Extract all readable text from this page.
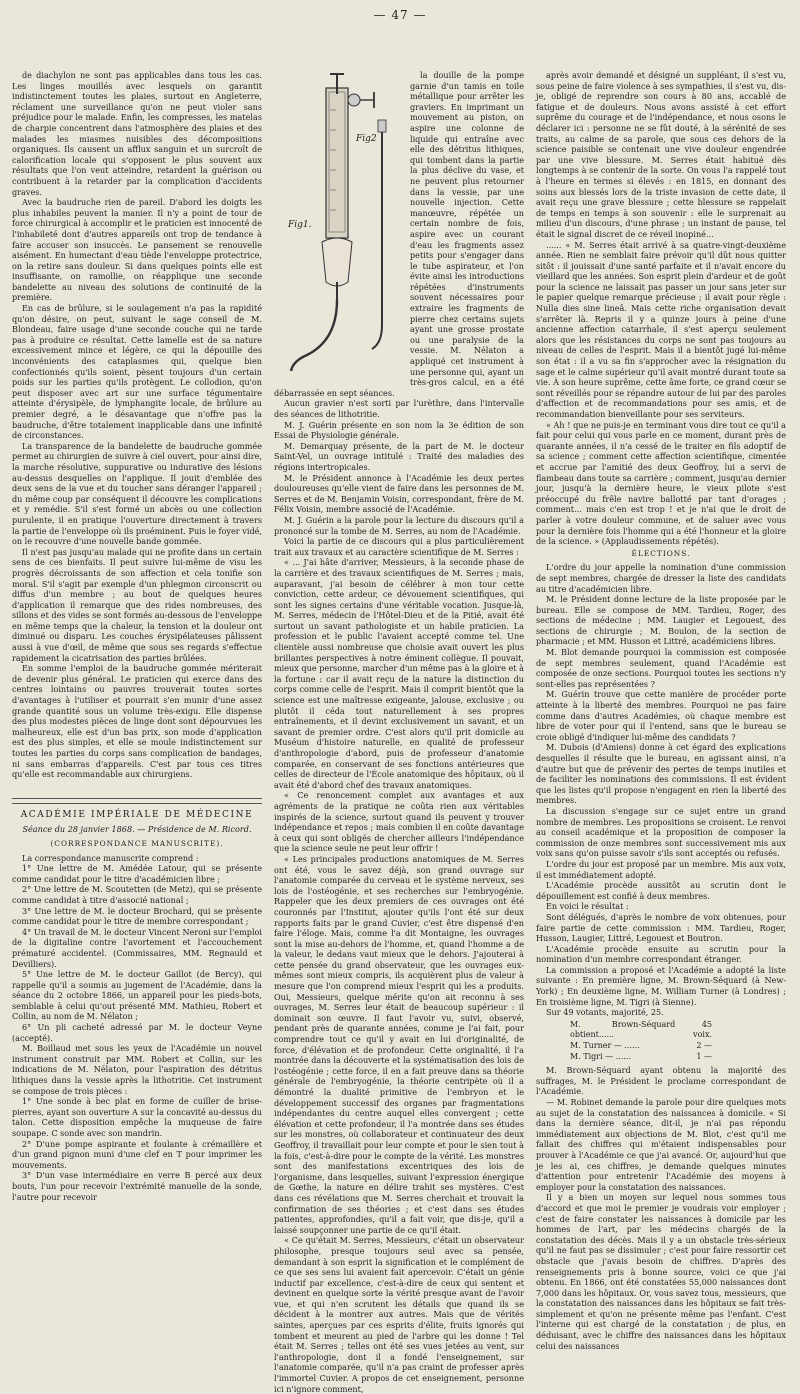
— 47 —

de diachylon ne sont pas applicables dans tous les cas. Les linges mouillés avec lesquels on garantit indistinctement toutes les plaies, surtout en Angleterre, réclament une surveillance qu'on ne peut violer sans préjudice pour le malade. Enfin, les compresses, les matelas de charpie concentrent dans l'atmosphère des plaies et des malades les miasmes nuisibles des décompositions organiques. Ils causent un afflux sanguin et un surcroît de calorification locale qui s'opposent le plus souvent aux résultats que l'on veut atteindre, retardent la guérison ou contribuent à la retarder par la complication d'accidents graves.

Avec la baudruche rien de pareil. D'abord les doigts les plus inhabiles peuvent la manier. Il n'y a point de tour de force chirurgical à accomplir et le praticien est innocenté de l'inhabileté dont d'autres appareils ont trop de tendance à faire accuser son insuccès. Le pansement se renouvelle aisément. En humectant d'eau tiède l'enveloppe protectrice, on la retire sans douleur. Si dans quelques points elle est insuffisante, on ramollie, on réapplique une seconde bandelette au niveau des solutions de continuité de la première.

En cas de brûlure, si le soulagement n'a pas la rapidité qu'on désire, on peut, suivant le sage conseil de M. Blondeau, faire usage d'une seconde couche qui ne tarde pas à produire ce résultat. Cette lamelle est de sa nature excessivement mince et légère, ce qui la dépouille des inconvénients des cataplasmes qui, quelque bien confectionnés qu'ils soient, pèsent toujours d'un certain poids sur les parties qu'ils protègent. Le collodion, qu'on peut disposer avec art sur une surface tégumentaire atteinte d'érysipèle, de lymphangite locale, de brûlure au premier degré, a le désavantage que n'offre pas la baudruche, d'être totalement inapplicable dans une infinité de circonstances.

La transparence de la bandelette de baudruche gommée permet au chirurgien de suivre à ciel ouvert, pour ainsi dire, la marche résolutive, suppurative ou indurative des lésions au-dessus desquelles on l'applique. Il jouit d'emblée des deux sens de la vue et du toucher sans déranger l'appareil ; du même coup par conséquent il découvre les complications et y remédie. S'il s'est formé un abcès ou une collection purulente, il en pratique l'ouverture directement à travers la partie de l'enveloppe où ils proéminent. Puis le foyer vidé, on le recouvre d'une nouvelle bande gommée.

Il n'est pas jusqu'au malade qui ne profite dans un certain sens de ces bienfaits. Il peut suivre lui-même de visu les progrès décroissants de son affection et cela tonifie son moral. S'il s'agit par exemple d'un phlegmon circonscrit ou diffus d'un membre ; au bout de quelques heures d'application il remarque que des rides nombreuses, des sillons et des vides se sont formés au-dessous de l'enveloppe en même temps que la chaleur, la tension et la douleur ont diminué ou disparu. Les couches érysipélateuses pâlissent aussi à vue d'œil, de même que sous ses regards s'effectue rapidement la cicatrisation des parties brûlées.

En somme l'emploi de la baudruche gommée mériterait de devenir plus général. Le praticien qui exerce dans des centres lointains ou pauvres trouverait toutes sortes d'avantages à l'utiliser et pourrait s'en munir d'une assez grande quantité sous un volume très-exigu. Elle dispense des plus modestes pièces de linge dont sont dépourvues les malheureux, elle est d'un bas prix, son mode d'application est des plus simples, et elle se moule indistinctement sur toutes les parties du corps sans complication de bandages, ni sans embarras d'appareils. C'est par tous ces titres qu'elle est recommandable aux chirurgiens.

ACADÉMIE IMPÉRIALE DE MÉDECINE
Séance du 28 janvier 1868. — Présidence de M. Ricord.
(CORRESPONDANCE MANUSCRITE).

La correspondance manuscrite comprend :

1° Une lettre de M. Amédée Latour, qui se présente comme candidat pour le titre d'académicien libre ;

2° Une lettre de M. Scoutetten (de Metz), qui se présente comme candidat à titre d'associé national ;

3° Une lettre de M. le docteur Brochard, qui se présente comme candidat pour le titre de membre correspondant ;

4° Un travail de M. le docteur Vincent Neroni sur l'emploi de la digitaline contre l'avortement et l'accouchement prématuré accidentel. (Commissaires, MM. Regnauld et Devilliers).

5° Une lettre de M. le docteur Gaillot (de Bercy), qui rappelle qu'il a soumis au jugement de l'Académie, dans la séance du 2 octobre 1866, un appareil pour les pieds-bots, semblable à celui qu'out présenté MM. Mathieu, Robert et Collin, au nom de M. Nélaton ;

6° Un pli cacheté adressé par M. le docteur Veyne (accepté).

M. Boillaud met sous les yeux de l'Académie un nouvel instrument construit par MM. Robert et Collin, sur les indications de M. Nélaton, pour l'aspiration des détritus lithiques dans la vessie après la lithotritie. Cet instrument se compose de trois pièces :

1° Une sonde à bec plat en forme de cuiller de brise-pierres, ayant son ouverture A sur la concavité au-dessus du talon. Cette disposition empêche la muqueuse de faire soupape. C sonde avec son mandrin.

2° D'une pompe aspirante et foulante à crémaillère et d'un grand pignon muni d'une clef en T pour imprimer les mouvements.

3° D'un vase intermédiaire en verre B percé aux deux bouts, l'un pour recevoir l'extrémité manuelle de la sonde, l'autre pour recevoir

Fig1.
Fig2

la douille de la pompe garnie d'un tamis en toile métallique pour arrêter les graviers. En imprimant un mouvement au piston, on aspire une colonne de liquide qui entraîne avec elle des détritus lithiques, qui tombent dans la partie la plus déclive du vase, et ne peuvent plus retourner dans la vessie, par une nouvelle injection. Cette manœuvre, répétée un certain nombre de fois, aspire avec un courant d'eau les fragments assez petits pour s'engager dans le tube aspirateur, et l'on évite ainsi les introductions répétées d'instruments souvent nécessaires pour extraire les fragments de pierre chez certains sujets ayant une grosse prostate ou une paralysie de la vessie. M. Nélaton a appliqué cet instrument à une personne qui, ayant un très-gros calcul, en a été débarrassée en sept séances.

Aucun gravier n'est sorti par l'urèthre, dans l'intervalle des séances de lithotritie.

M. J. Guérin présente en son nom la 3e édition de son Essai de Physiologie générale.

M. Demarquay présente, de la part de M. le docteur Saint-Vel, un ouvrage intitulé : Traité des maladies des régions intertropicales.

M. le Président annonce à l'Académie les deux pertes douloureuses qu'elle vient de faire dans les personnes de M. Serres et de M. Benjamin Voisin, correspondant, frère de M. Félix Voisin, membre associé de l'Académie.

M. J. Guérin a la parole pour la lecture du discours qu'il a prononcé sur la tombe de M. Serres, au nom de l'Académie.

Voici la partie de ce discours qui a plus particulièrement trait aux travaux et au caractère scientifique de M. Serres :

« ... J'ai hâte d'arriver, Messieurs, à la seconde phase de la carrière et des travaux scientifiques de M. Serres ; mais, auparavant, j'ai besoin de célébrer à mon tour cette conviction, cette ardeur, ce dévouement scientifiques, qui sont les signes certains d'une véritable vocation. Jusque-là, M. Serres, médecin de l'Hôtel-Dieu et de la Pitié, avait été surtout un savant pathologiste et un habile praticien. La profession et le public l'avaient accepté comme tel. Une clientèle aussi nombreuse que choisie avait ouvert les plus brillantes perspectives à notre éminent collègue. Il pouvait, mieux que personne, marcher d'un même pas à la gloire et à la fortune : car il avait reçu de la nature la distinction du corps comme celle de l'esprit. Mais il comprit bientôt que la science est une maîtresse exigeante, jalouse, exclusive ; ou plutôt il céda tout naturellement à ses propres entraînements, et il devint exclusivement un savant, et un savant de premier ordre. C'est alors qu'il prit domicile au Muséum d'histoire naturelle, en qualité de professeur d'anthropologie d'abord, puis de professeur d'anatomie comparée, en conservant de ses fonctions antérieures que celles de directeur de l'École anatomique des hôpitaux, où il avait été d'abord chef des travaux anatomiques.

« Ce renoncement complet aux avantages et aux agréments de la pratique ne coûta rien aux véritables inspirés de la science, surtout quand ils peuvent y trouver indépendance et repos ; mais combien il en coûte davantage à ceux qui sont obligés de chercher ailleurs l'indépendance que la science seule ne peut leur offrir !

« Les principales productions anatomiques de M. Serres ont été, vous le savez déjà, son grand ouvrage sur l'anatomie comparée du cerveau et le système nerveux, ses lois de l'ostéogénie, et ses recherches sur l'embryogénie. Rappeler que les deux premiers de ces ouvrages ont été couronnés par l'Institut, ajouter qu'ils l'ont été sur deux rapports faits par le grand Cuvier, c'est être dispensé d'en faire l'éloge. Mais, comme l'a dit Montaigne, les ouvrages sont la mise au-dehors de l'homme, et, quand l'homme a de la valeur, le dedans vaut mieux que le dehors. J'ajouterai à cette pensée du grand observateur, que les ouvrages eux-mêmes sont mieux compris, ils acquièrent plus de valeur à mesure que l'on comprend mieux l'esprit qui les a produits. Oui, Messieurs, quelque mérite qu'on ait reconnu à ses ouvrages, M. Serres leur était de beaucoup supérieur : il dominait son œuvre. Il faut l'avoir vu, suivi, observé, pendant près de quarante années, comme je l'ai fait, pour comprendre tout ce qu'il y avait en lui d'originalité, de force, d'élévation et de profondeur. Cette originalité, il l'a montrée dans la découverte et la systématisation des lois de l'ostéogénie ; cette force, il en a fait preuve dans sa théorie générale de l'embryogénie, la théorie centripète où il a démontré la dualité primitive de l'embryon et le développement successif des organes par fragmentations indépendantes du centre auquel elles convergent ; cette élévation et cette profondeur, il l'a montrée dans ses études sur les monstres, où collaborateur et continuateur des deux Geoffroy, il travaillait pour leur compte et pour le sien tout à la fois, c'est-à-dire pour le compte de la vérité. Les monstres sont des manifestations excentriques des lois de l'organisme, dans lesquelles, suivant l'expression énergique de Gœthe, la nature en délire trahit ses mystères. C'est dans ces révélations que M. Serres cherchait et trouvait la confirmation de ses théories ; et c'est dans ses études patientes, approfondies, qu'il a fait voir, que dis-je, qu'il a laissé soupçonner une partie de ce qu'il était.

« Ce qu'était M. Serres, Messieurs, c'était un observateur philosophe, presque toujours seul avec sa pensée, demandant à son esprit la signification et le complément de ce que ses sens lui avaient fait apercevoir. C'était un génie inductif par excellence, c'est-à-dire de ceux qui sentent et devinent en quelque sorte la vérité presque avant de l'avoir vue, et qui n'en scrutent les détails que quand ils se décident à la montrer aux autres. Mais que de vérités saintes, aperçues par ces esprits d'élite, fruits ignorés qui tombent et meurent au pied de l'arbre qui les donne ! Tel était M. Serres ; telles ont été ses vues jetées au vent, sur l'anthropologie, dont il a fondé l'enseignement, sur l'anatomie comparée, qu'il n'a pas craint de professer après l'immortel Cuvier. A propos de cet enseignement, personne ici n'ignore comment,

après avoir demandé et désigné un suppléant, il s'est vu, sous peine de faire violence à ses sympathies, il s'est vu, dis-je, obligé de reprendre son cours à 80 ans, accablé de fatigue et de douleurs. Nous avons assisté à cet effort suprême du courage et de l'indépendance, et nous osons le déclarer ici : personne ne se fût douté, à la sérénité de ses traits, au calme de sa parole, que sous ces dehors de la science paisible se contenait une vive douleur engendrée par une vive blessure. M. Serres était habitué dès longtemps à se contenir de la sorte. On vous l'a rappelé tout à l'heure en termes si élevés : en 1815, en donnant des soins aux blessés lors de la triste invasion de cette date, il avait reçu une grave blessure ; cette blessure se rappelait de temps en temps à son souvenir : elle le surprenait au milieu d'un discours, d'une phrase ; un instant de pause, tel était le signal discret de ce réveil inopiné...

...... « M. Serres était arrivé à sa quatre-vingt-deuxième année. Rien ne semblait faire prévoir qu'il dût nous quitter sitôt : il jouissait d'une santé parfaite et il n'avait encore du vieillard que les années. Son esprit plein d'ardeur et de goût pour la science ne laissait pas passer un jour sans jeter sur le papier quelque remarque précieuse ; il avait pour règle : Nulla dies sine lineâ. Mais cette riche organisation devait s'arrêter là. Repris il y a quinze jours à peine d'une ancienne affection catarrhale, il s'est aperçu seulement alors que les résistances du corps ne sont pas toujours au niveau de celles de l'esprit. Mais il a bientôt jugé lui-même son état : il a vu sa fin s'approcher avec la résignation du sage et le calme supérieur qu'il avait montré durant toute sa vie. À son heure suprême, cette âme forte, ce grand cœur se sont réveillés pour se répandre autour de lui par des paroles d'affection et de recommandations pour ses amis, et de recommandation bienveillante pour ses serviteurs.

« Ah ! que ne puis-je en terminant vous dire tout ce qu'il a fait pour celui qui vous parle en ce moment, durant près de quarante années, il n'a cessé de le traiter en fils adoptif de sa science ; comment cette affection scientifique, cimentée et accrue par l'amitié des deux Geoffroy, lui a servi de flambeau dans toute sa carrière ; comment, jusqu'au dernier jour, jusqu'à la dernière heure, le vieux pilote s'est préoccupé du frêle navire ballotté par tant d'orages ; comment... mais c'en est trop ! et je n'ai que le droit de parler à votre douleur commune, et de saluer avec vous pour la dernière fois l'homme qui a été l'honneur et la gloire de la science. » (Applaudissements répétés).

ÉLECTIONS.

L'ordre du jour appelle la nomination d'une commission de sept membres, chargée de dresser la liste des candidats au titre d'académicien libre.

M. le Président donne lecture de la liste proposée par le bureau. Elle se compose de MM. Tardieu, Roger, des sections de médecine ; MM. Laugier et Legouest, des sections de chirurgie ; M. Boulon, de la section de pharmacie ; et MM. Husson et Littré, académiciens libres.

M. Blot demande pourquoi la commission est composée de sept membres seulement, quand l'Académie est composée de onze sections. Pourquoi toutes les sections n'y sont-elles pas représentées ?

M. Guérin trouve que cette manière de procéder porte atteinte à la liberté des membres. Pourquoi ne pas faire comme dans d'autres Académies, où chaque membre est libre de voter pour qui il l'entend, sans que le bureau se croie obligé d'indiquer lui-même des candidats ?

M. Dubois (d'Amiens) donne à cet égard des explications desquelles il résulte que le bureau, en agissant ainsi, n'a d'autre but que de prévenir des pertes de temps inutiles et de faciliter les nominations des commissions. Il est évident que les listes qu'il propose n'engagent en rien la liberté des membres.

La discussion s'engage sur ce sujet entre un grand nombre de membres. Les propositions se croisent. Le renvoi au conseil académique et la proposition de composer la commission de onze membres sont successivement mis aux voix sans qu'on puisse savoir s'ils sont acceptés ou refusés.

L'ordre du jour est proposé par un membre. Mis aux voix, il est immédiatement adopté.

L'Académie procède aussitôt au scrutin dont le dépouillement est confié à deux membres.

En voici le résultat :

Sont délégués, d'après le nombre de voix obtenues, pour faire partie de cette commission : MM. Tardieu, Roger, Husson, Laugier, Littré, Legouest et Boutron.

L'Académie procède ensuite au scrutin pour la nomination d'un membre correspondant étranger.

La commission a proposé et l'Académie a adopté la liste suivante : En première ligne, M. Brown-Séquard (à New-York) ; En deuxième ligne, M. William Turner (à Londres) ; En troisième ligne, M. Tigri (à Sienne).

Sur 49 votants, majorité, 25.

M. Brown-Séquard obtient......	45 voix.
M. Turner — ......	2 —
M. Tigri — ......	1 —

M. Brown-Séquard ayant obtenu la majorité des suffrages, M. le Président le proclame correspondant de l'Académie.

— M. Robinet demande la parole pour dire quelques mots au sujet de la constatation des naissances à domicile. « Si dans la dernière séance, dit-il, je n'ai pas répondu immédiatement aux objections de M. Blot, c'est qu'il me fallait des chiffres qui m'étaient indispensables pour prouver à l'Académie ce que j'ai avancé. Or, aujourd'hui que je les ai, ces chiffres, je demande quelques minutes d'attention pour entretenir l'Académie des moyens à employer pour la constatation des naissances.

Il y a bien un moyen sur lequel nous sommes tous d'accord et que moi le premier je voudrais voir employer ; c'est de faire constater les naissances à domicile par les hommes de l'art, par les médecins chargés de la constatation des décès. Mais il y a un obstacle très-sérieux qu'il ne faut pas se dissimuler ; c'est pour faire ressortir cet obstacle que j'avais besoin de chiffres. D'après des renseignements pris à bonne source, voici ce que j'ai obtenu. En 1866, ont été constatées 55,000 naissances dont 7,000 dans les hôpitaux. Or, vous savez tous, messieurs, que la constatation des naissances dans les hôpitaux se fait très-simplement et qu'on ne présente même pas l'enfant. C'est l'interne qui est chargé de la constatation ; de plus, en déduisant, avec le chiffre des naissances dans les hôpitaux celui des naissances
